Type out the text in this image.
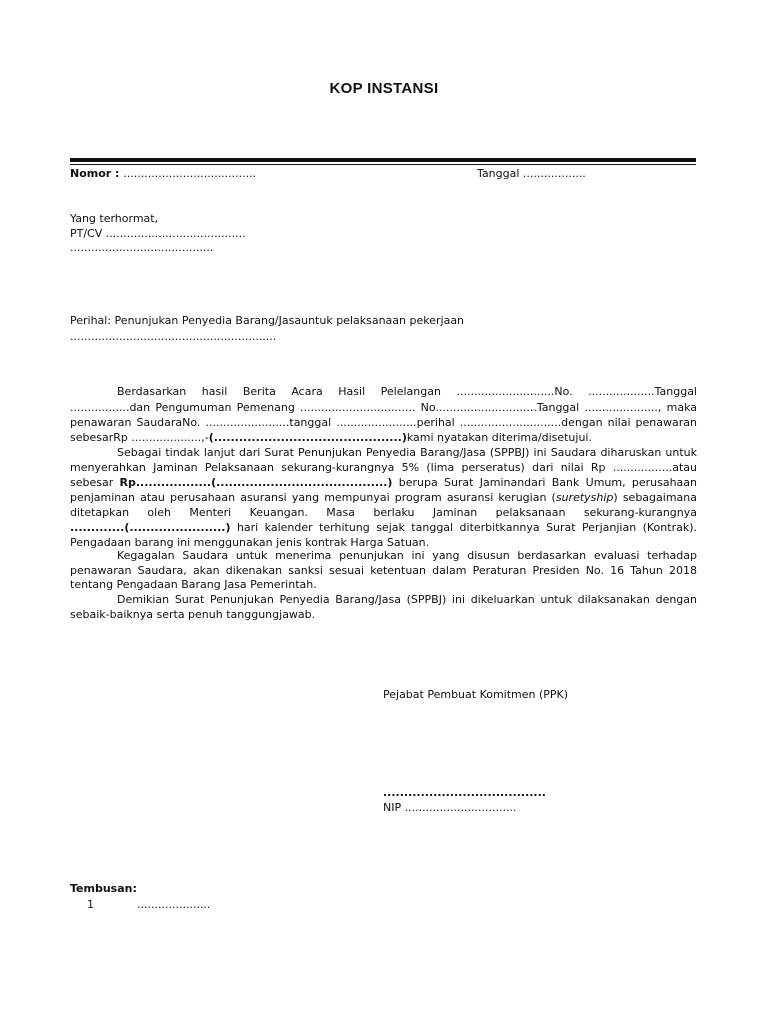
KOP INSTANSI
Nomor : ......................................	Tanggal ..................
Yang terhormat,
PT/CV ........................................
.........................................
Perihal: Penunjukan Penyedia Barang/Jasauntuk pelaksanaan pekerjaan
...........................................................
Berdasarkan hasil Berita Acara Hasil Pelelangan ............................No. ...................Tanggal
.................dan Pengumuman Pemenang ................................. No.............................Tanggal ....................., maka
penawaran SaudaraNo. ........................tanggal .......................perihal .............................dengan nilai penawaran
sebesarRp ....................,-(.............................................)kami nyatakan diterima/disetujui.
Sebagai tindak lanjut dari Surat Penunjukan Penyedia Barang/Jasa (SPPBJ) ini Saudara diharuskan untuk
menyerahkan Jaminan Pelaksanaan sekurang-kurangnya 5% (lima perseratus) dari nilai Rp .................atau
sebesar Rp..................(.........................................) berupa Surat Jaminandari Bank Umum, perusahaan
penjaminan atau perusahaan asuransi yang mempunyai program asuransi kerugian (suretyship) sebagaimana
ditetapkan oleh Menteri Keuangan. Masa berlaku Jaminan pelaksanaan sekurang-kurangnya
.............(.......................) hari kalender terhitung sejak tanggal diterbitkannya Surat Perjanjian (Kontrak).
Pengadaan barang ini menggunakan jenis kontrak Harga Satuan.
Kegagalan Saudara untuk menerima penunjukan ini yang disusun berdasarkan evaluasi terhadap
penawaran Saudara, akan dikenakan sanksi sesuai ketentuan dalam Peraturan Presiden No. 16 Tahun 2018
tentang Pengadaan Barang Jasa Pemerintah.
Demikian Surat Penunjukan Penyedia Barang/Jasa (SPPBJ) ini dikeluarkan untuk dilaksanakan dengan
sebaik-baiknya serta penuh tanggungjawab.
Pejabat Pembuat Komitmen (PPK)
.......................................
NIP ................................
Tembusan:
1	.....................
